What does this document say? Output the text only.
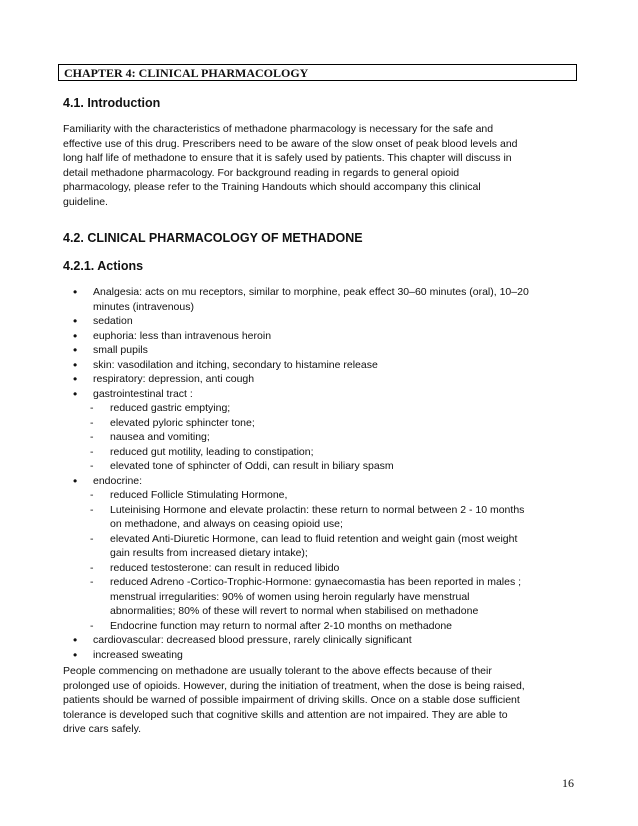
CHAPTER 4: CLINICAL PHARMACOLOGY
4.1. Introduction
Familiarity with the characteristics of methadone pharmacology is necessary for the safe and
effective use of this drug. Prescribers need to be aware of the slow onset of peak blood levels and
long half life of methadone to ensure that it is safely used by patients. This chapter will discuss in
detail methadone pharmacology. For background reading in regards to general opioid
pharmacology, please refer to the Training Handouts which should accompany this clinical
guideline.
4.2. CLINICAL PHARMACOLOGY OF METHADONE
4.2.1. Actions
• Analgesia: acts on mu receptors, similar to morphine, peak effect 30–60 minutes (oral), 10–20
minutes (intravenous)
• sedation
• euphoria: less than intravenous heroin
• small pupils
• skin: vasodilation and itching, secondary to histamine release
• respiratory: depression, anti cough
• gastrointestinal tract :
- reduced gastric emptying;
- elevated pyloric sphincter tone;
- nausea and vomiting;
- reduced gut motility, leading to constipation;
- elevated tone of sphincter of Oddi, can result in biliary spasm
• endocrine:
- reduced Follicle Stimulating Hormone,
- Luteinising Hormone and elevate prolactin: these return to normal between 2 - 10 months
on methadone, and always on ceasing opioid use;
- elevated Anti-Diuretic Hormone, can lead to fluid retention and weight gain (most weight
gain results from increased dietary intake);
- reduced testosterone: can result in reduced libido
- reduced Adreno -Cortico-Trophic-Hormone: gynaecomastia has been reported in males ;
menstrual irregularities: 90% of women using heroin regularly have menstrual
abnormalities; 80% of these will revert to normal when stabilised on methadone
- Endocrine function may return to normal after 2-10 months on methadone
• cardiovascular: decreased blood pressure, rarely clinically significant
• increased sweating
People commencing on methadone are usually tolerant to the above effects because of their
prolonged use of opioids. However, during the initiation of treatment, when the dose is being raised,
patients should be warned of possible impairment of driving skills. Once on a stable dose sufficient
tolerance is developed such that cognitive skills and attention are not impaired. They are able to
drive cars safely.
16
